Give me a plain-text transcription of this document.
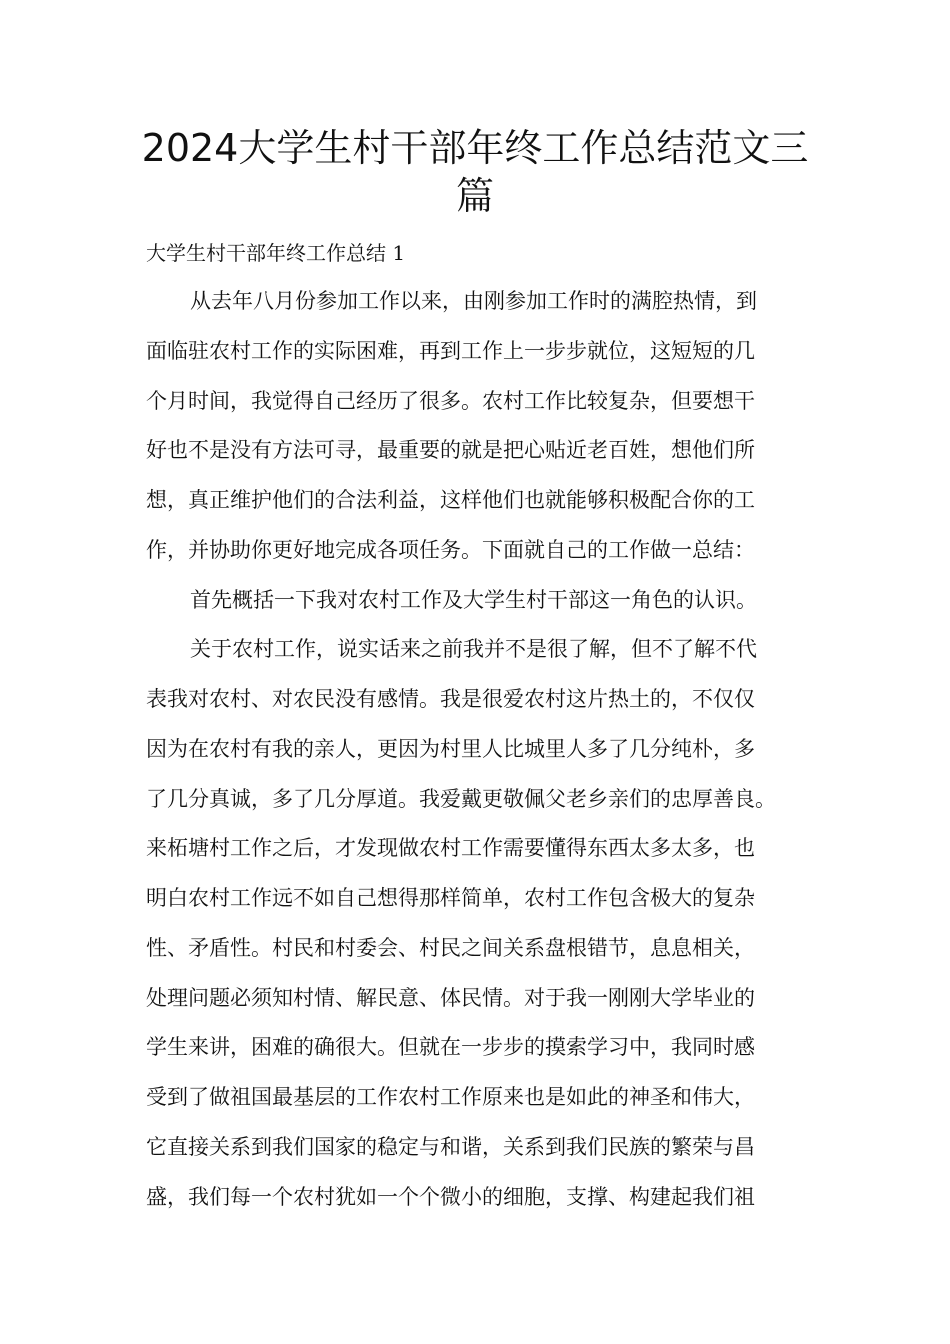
2024大学生村干部年终工作总结范文三篇

大学生村干部年终工作总结 1

从去年八月份参加工作以来，由刚参加工作时的满腔热情，到

面临驻农村工作的实际困难，再到工作上一步步就位，这短短的几

个月时间，我觉得自己经历了很多。农村工作比较复杂，但要想干

好也不是没有方法可寻，最重要的就是把心贴近老百姓，想他们所

想，真正维护他们的合法利益，这样他们也就能够积极配合你的工

作，并协助你更好地完成各项任务。下面就自己的工作做一总结：

首先概括一下我对农村工作及大学生村干部这一角色的认识。

关于农村工作，说实话来之前我并不是很了解，但不了解不代

表我对农村、对农民没有感情。我是很爱农村这片热土的，不仅仅

因为在农村有我的亲人，更因为村里人比城里人多了几分纯朴，多

了几分真诚，多了几分厚道。我爱戴更敬佩父老乡亲们的忠厚善良。

来柘塘村工作之后，才发现做农村工作需要懂得东西太多太多，也

明白农村工作远不如自己想得那样简单，农村工作包含极大的复杂

性、矛盾性。村民和村委会、村民之间关系盘根错节，息息相关，

处理问题必须知村情、解民意、体民情。对于我一刚刚大学毕业的

学生来讲，困难的确很大。但就在一步步的摸索学习中，我同时感

受到了做祖国最基层的工作农村工作原来也是如此的神圣和伟大，

它直接关系到我们国家的稳定与和谐，关系到我们民族的繁荣与昌

盛，我们每一个农村犹如一个个微小的细胞，支撑、构建起我们祖
